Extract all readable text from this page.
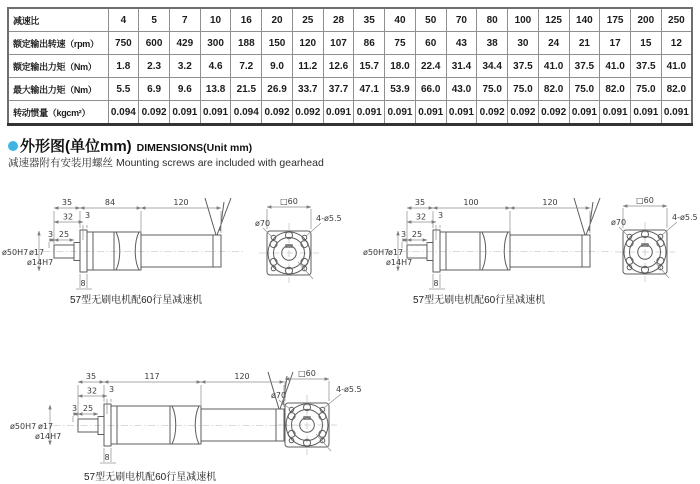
减速比	4	5	7	10	16	20	25	28	35	40	50	70	80	100	125	140	175	200	250
额定输出转速（rpm）	750	600	429	300	188	150	120	107	86	75	60	43	38	30	24	21	17	15	12
额定输出力矩（Nm）	1.8	2.3	3.2	4.6	7.2	9.0	11.2	12.6	15.7	18.0	22.4	31.4	34.4	37.5	41.0	37.5	41.0	37.5	41.0
最大输出力矩（Nm）	5.5	6.9	9.6	13.8	21.5	26.9	33.7	37.7	47.1	53.9	66.0	43.0	75.0	75.0	82.0	75.0	82.0	75.0	82.0
转动惯量（kgcm²）	0.094	0.092	0.091	0.091	0.094	0.092	0.092	0.091	0.091	0.091	0.091	0.091	0.092	0.092	0.092	0.091	0.091	0.091	0.091
外形图(单位mm) DIMENSIONS(Unit mm)
减速器附有安装用螺丝 Mounting screws are included with gearhead
35	84	120
32 3
3 25
ø50H7 ø17
ø14H7
8
□60
ø70
4-ø5.5
57型无刷电机配60行星减速机
35	100	120
32 3
3 25
ø50H7
ø17
ø14H7
8
□60
ø70
4-ø5.5
57型无刷电机配60行星减速机
35	117	120
32 3
3 25
ø50H7 ø17
ø14H7
8
□60
ø70
4-ø5.5
57型无刷电机配60行星减速机
